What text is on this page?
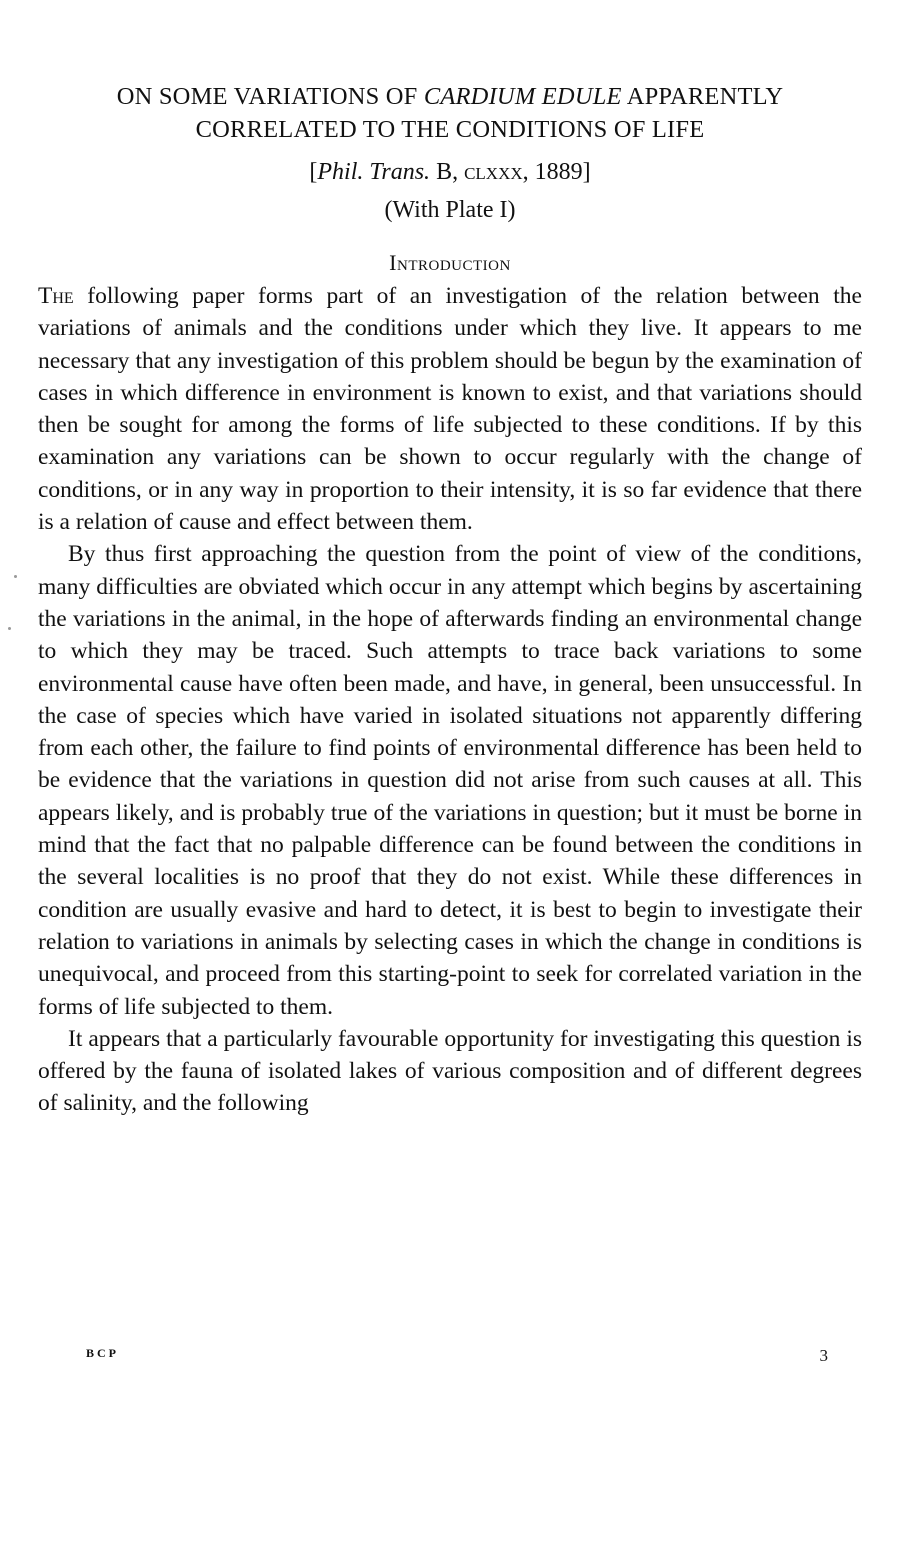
ON SOME VARIATIONS OF CARDIUM EDULE APPARENTLY
CORRELATED TO THE CONDITIONS OF LIFE
[Phil. Trans. B, clxxx, 1889]
(With Plate I)
Introduction

The following paper forms part of an investigation of the relation between the variations of animals and the conditions under which they live. It appears to me necessary that any investigation of this problem should be begun by the examination of cases in which difference in environment is known to exist, and that variations should then be sought for among the forms of life subjected to these conditions. If by this examination any variations can be shown to occur regularly with the change of conditions, or in any way in proportion to their intensity, it is so far evidence that there is a relation of cause and effect between them.

By thus first approaching the question from the point of view of the conditions, many difficulties are obviated which occur in any attempt which begins by ascertaining the variations in the animal, in the hope of afterwards finding an environmental change to which they may be traced. Such attempts to trace back variations to some environmental cause have often been made, and have, in general, been unsuccessful. In the case of species which have varied in isolated situations not apparently differing from each other, the failure to find points of environmental difference has been held to be evidence that the variations in question did not arise from such causes at all. This appears likely, and is probably true of the variations in question; but it must be borne in mind that the fact that no palpable difference can be found between the conditions in the several localities is no proof that they do not exist. While these differences in condition are usually evasive and hard to detect, it is best to begin to investigate their relation to variations in animals by selecting cases in which the change in conditions is unequivocal, and proceed from this starting-point to seek for correlated variation in the forms of life subjected to them.

It appears that a particularly favourable opportunity for investigating this question is offered by the fauna of isolated lakes of various composition and of different degrees of salinity, and the following

BCP	3
